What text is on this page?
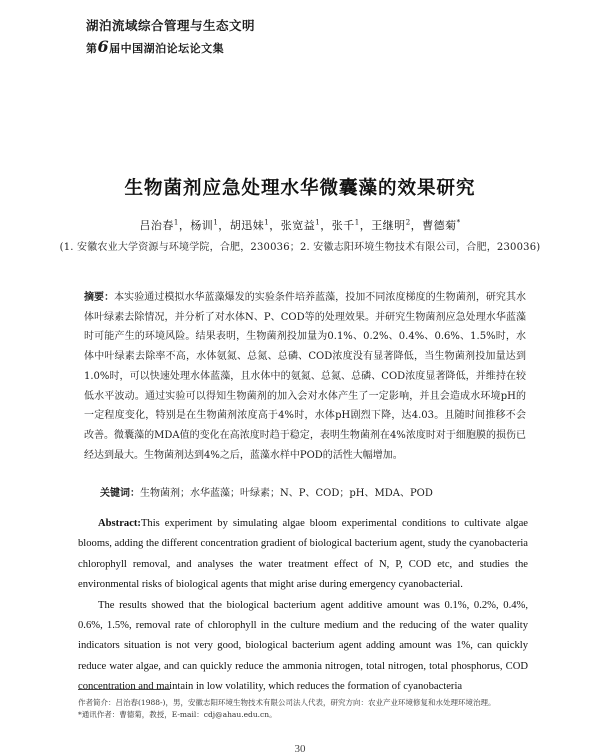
湖泊流域综合管理与生态文明
第6届中国湖泊论坛论文集
生物菌剂应急处理水华微囊藻的效果研究
吕治春$^1$，杨训$^1$，胡迅妹$^1$，张宽益$^1$，张千$^1$，王继明$^2$，曹德菊*
(1. 安徽农业大学资源与环境学院，合肥，230036；2. 安徽志阳环境生物技术有限公司，合肥，230036)
摘要：本实验通过模拟水华蓝藻爆发的实验条件培养蓝藻，投加不同浓度梯度的生物菌剂，研究其水体叶绿素去除情况，并分析了对水体N、P、COD等的处理效果。并研究生物菌剂应急处理水华蓝藻时可能产生的环境风险。结果表明，生物菌剂投加量为0.1%、0.2%、0.4%、0.6%、1.5%时，水体中叶绿素去除率不高，水体氨氮、总氮、总磷、COD浓度没有显著降低，当生物菌剂投加量达到1.0%时，可以快速处理水体蓝藻，且水体中的氨氮、总氮、总磷、COD浓度显著降低，并维持在较低水平波动。通过实验可以得知生物菌剂的加入会对水体产生了一定影响，并且会造成水环境pH的一定程度变化，特别是在生物菌剂浓度高于4%时，水体pH剧烈下降，达4.03。且随时间推移不会改善。微囊藻的MDA值的变化在高浓度时趋于稳定，表明生物菌剂在4%浓度时对于细胞膜的损伤已经达到最大。生物菌剂达到4%之后，蓝藻水样中POD的活性大幅增加。
关键词：生物菌剂；水华蓝藻；叶绿素；N、P、COD；pH、MDA、POD

Abstract:This experiment by simulating algae bloom experimental conditions to cultivate algae blooms, adding the different concentration gradient of biological bacterium agent, study the cyanobacteria chlorophyll removal, and analyses the water treatment effect of N, P, COD etc, and studies the environmental risks of biological agents that might arise during emergency cyanobacterial.

The results showed that the biological bacterium agent additive amount was 0.1%, 0.2%, 0.4%, 0.6%, 1.5%, removal rate of chlorophyll in the culture medium and the reducing of the water quality indicators situation is not very good, biological bacterium agent adding amount was 1%, can quickly reduce water algae, and can quickly reduce the ammonia nitrogen, total nitrogen, total phosphorus, COD concentration and maintain in low volatility, which reduces the formation of cyanobacteria

作者简介：吕治春(1988-)，男，安徽志阳环境生物技术有限公司法人代表，研究方向：农业产业环境修复和水处理环境治理。
*通讯作者：曹德菊，教授，E-mail：cdj@ahau.edu.cn。
30
